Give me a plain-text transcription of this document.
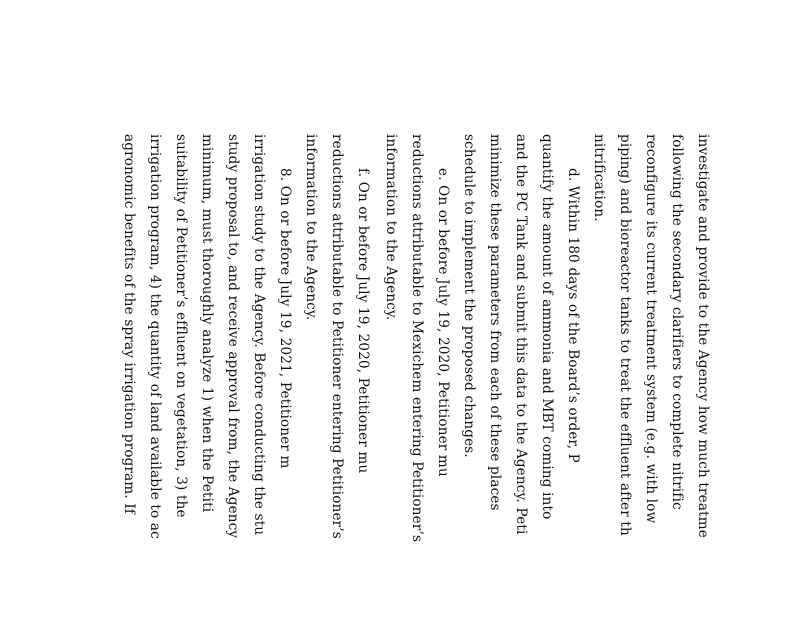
investigate and provide to the Agency how much treatme
following the secondary clarifiers to complete nitrific
reconfigure its current treatment system (e.g. with low
piping) and bioreactor tanks to treat the effluent after th
nitrification.
d. Within 180 days of the Board’s order, P
quantify the amount of ammonia and MBT coming into
and the PC Tank and submit this data to the Agency. Peti
minimize these parameters from each of these places
schedule to implement the proposed changes.
e. On or before July 19, 2020, Petitioner mu
reductions attributable to Mexichem entering Petitioner’s
information to the Agency.
f. On or before July 19, 2020, Petitioner mu
reductions attributable to Petitioner entering Petitioner’s
information to the Agency.
8. On or before July 19, 2021, Petitioner m
irrigation study to the Agency. Before conducting the stu
study proposal to, and receive approval from, the Agency
minimum, must thoroughly analyze 1) when the Petiti
suitability of Petitioner’s effluent on vegetation, 3) the
irrigation program, 4) the quantity of land available to ac
agronomic benefits of the spray irrigation program. If
